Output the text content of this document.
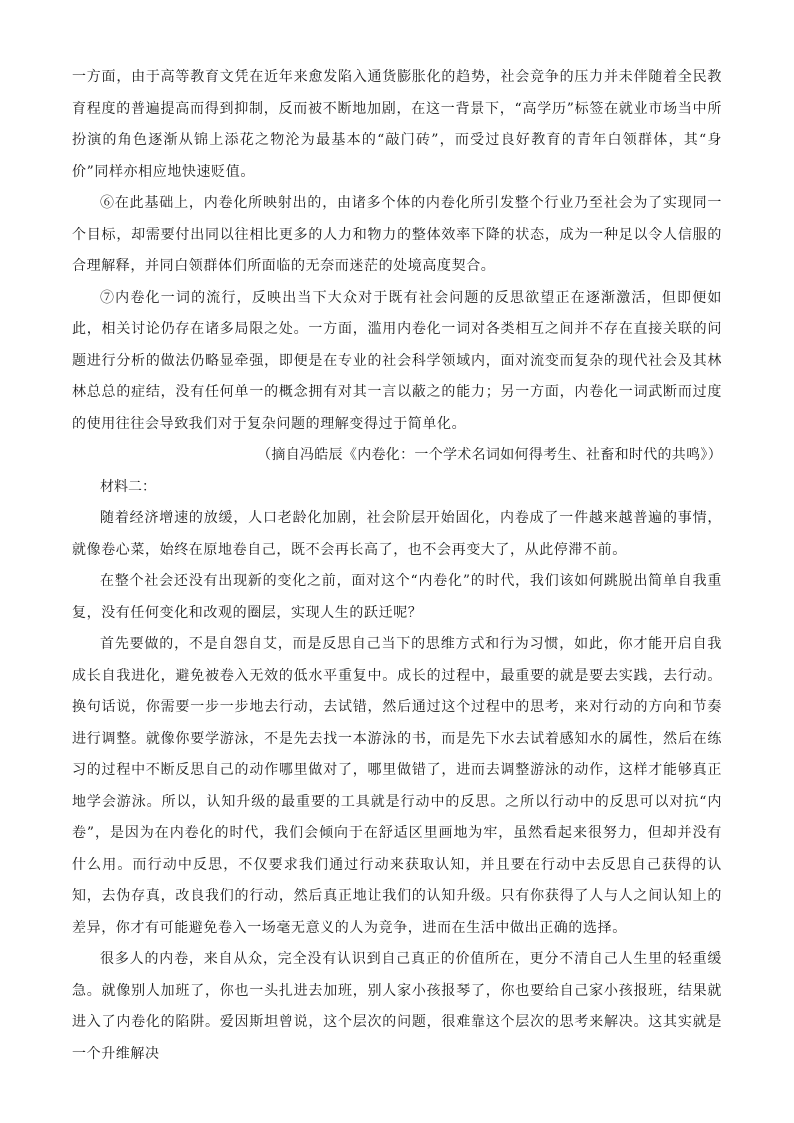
一方面，由于高等教育文凭在近年来愈发陷入通货膨胀化的趋势，社会竞争的压力并未伴随着全民教育程度的普遍提高而得到抑制，反而被不断地加剧，在这一背景下，“高学历”标签在就业市场当中所扮演的角色逐渐从锦上添花之物沦为最基本的“敲门砖”，而受过良好教育的青年白领群体，其“身价”同样亦相应地快速贬值。

⑥在此基础上，内卷化所映射出的，由诸多个体的内卷化所引发整个行业乃至社会为了实现同一个目标，却需要付出同以往相比更多的人力和物力的整体效率下降的状态，成为一种足以令人信服的合理解释，并同白领群体们所面临的无奈而迷茫的处境高度契合。

⑦内卷化一词的流行，反映出当下大众对于既有社会问题的反思欲望正在逐渐激活，但即便如此，相关讨论仍存在诸多局限之处。一方面，滥用内卷化一词对各类相互之间并不存在直接关联的问题进行分析的做法仍略显牵强，即便是在专业的社会科学领域内，面对流变而复杂的现代社会及其林林总总的症结，没有任何单一的概念拥有对其一言以蔽之的能力；另一方面，内卷化一词武断而过度的使用往往会导致我们对于复杂问题的理解变得过于简单化。

（摘自冯皓辰《内卷化：一个学术名词如何得考生、社畜和时代的共鸣》）

材料二：

随着经济增速的放缓，人口老龄化加剧，社会阶层开始固化，内卷成了一件越来越普遍的事情，就像卷心菜，始终在原地卷自己，既不会再长高了，也不会再变大了，从此停滞不前。

在整个社会还没有出现新的变化之前，面对这个“内卷化”的时代，我们该如何跳脱出简单自我重复，没有任何变化和改观的圈层，实现人生的跃迁呢？

首先要做的，不是自怨自艾，而是反思自己当下的思维方式和行为习惯，如此，你才能开启自我成长自我进化，避免被卷入无效的低水平重复中。成长的过程中，最重要的就是要去实践，去行动。换句话说，你需要一步一步地去行动，去试错，然后通过这个过程中的思考，来对行动的方向和节奏进行调整。就像你要学游泳，不是先去找一本游泳的书，而是先下水去试着感知水的属性，然后在练习的过程中不断反思自己的动作哪里做对了，哪里做错了，进而去调整游泳的动作，这样才能够真正地学会游泳。所以，认知升级的最重要的工具就是行动中的反思。之所以行动中的反思可以对抗“内卷”，是因为在内卷化的时代，我们会倾向于在舒适区里画地为牢，虽然看起来很努力，但却并没有什么用。而行动中反思，不仅要求我们通过行动来获取认知，并且要在行动中去反思自己获得的认知，去伪存真，改良我们的行动，然后真正地让我们的认知升级。只有你获得了人与人之间认知上的差异，你才有可能避免卷入一场毫无意义的人为竞争，进而在生活中做出正确的选择。

很多人的内卷，来自从众，完全没有认识到自己真正的价值所在，更分不清自己人生里的轻重缓急。就像别人加班了，你也一头扎进去加班，别人家小孩报琴了，你也要给自己家小孩报班，结果就进入了内卷化的陷阱。爱因斯坦曾说，这个层次的问题，很难靠这个层次的思考来解决。这其实就是一个升维解决
